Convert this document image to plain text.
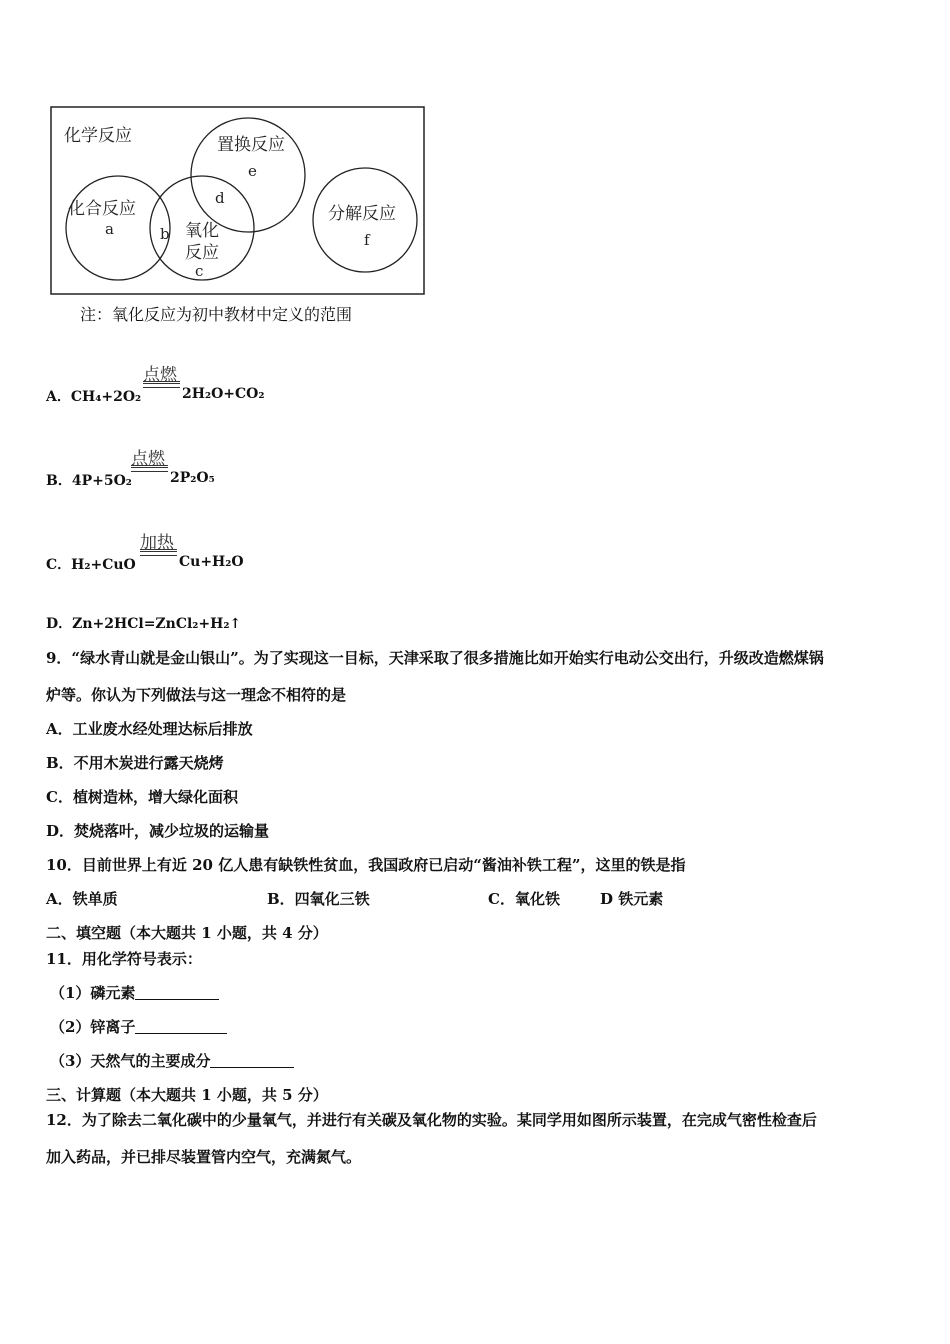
化学反应	置换反应
化合反应
氧化
反应
分解反应
e
a	b
d
c
f
注：氧化反应为初中教材中定义的范围
点燃
A．CH₄+2O₂	2H₂O+CO₂
点燃
B．4P+5O₂	2P₂O₅
加热
C．H₂+CuO	Cu+H₂O
D．Zn+2HCl=ZnCl₂+H₂↑
9．“绿水青山就是金山银山”。为了实现这一目标，天津采取了很多措施比如开始实行电动公交出行，升级改造燃煤锅
炉等。你认为下列做法与这一理念不相符的是
A．工业废水经处理达标后排放
B．不用木炭进行露天烧烤
C．植树造林，增大绿化面积
D．焚烧落叶，减少垃圾的运输量
10．目前世界上有近 20 亿人患有缺铁性贫血，我国政府已启动“酱油补铁工程”，这里的铁是指
A．铁单质	B．四氧化三铁	C．氧化铁	D 铁元素
二、填空题（本大题共 1 小题，共 4 分）
11．用化学符号表示：
（1）磷元素
（2）锌离子
（3）天然气的主要成分
三、计算题（本大题共 1 小题，共 5 分）
12．为了除去二氧化碳中的少量氧气，并进行有关碳及氧化物的实验。某同学用如图所示装置，在完成气密性检查后
加入药品，并已排尽装置管内空气，充满氮气。
